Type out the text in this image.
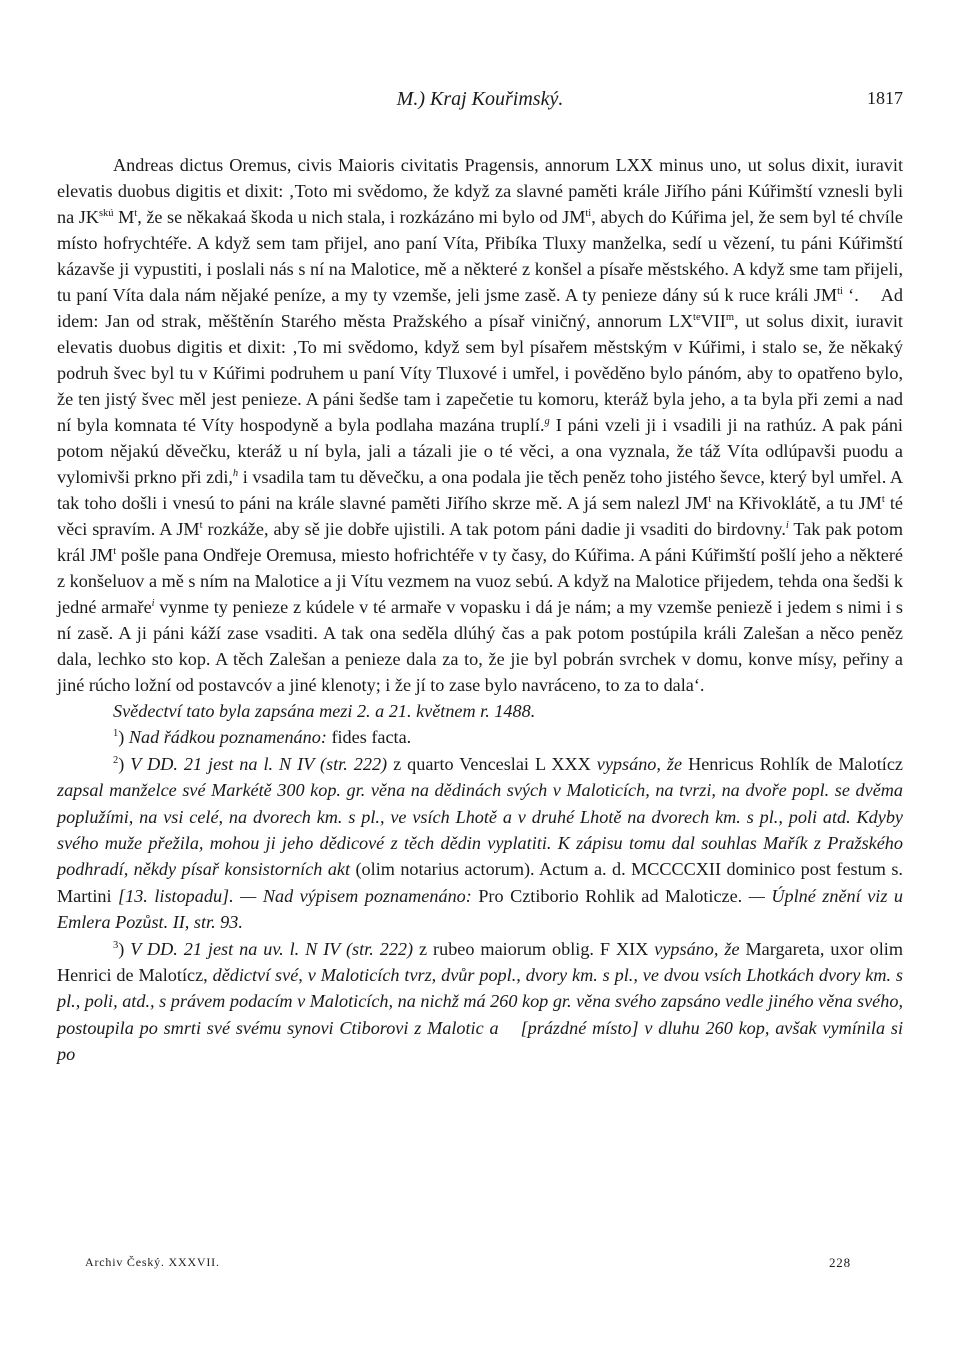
M.) Kraj Kouřimský.	1817

Andreas dictus Oremus, civis Maioris civitatis Pragensis, annorum LXX minus uno, ut solus dixit, iuravit elevatis duobus digitis et dixit: ‚Toto mi svědomo, že když za slavné paměti krále Jiřího páni Kúřimští vznesli byli na $JK^{skú}$ $M^t$, že se někakaá škoda u nich stala, i rozkázáno mi bylo od $JM^{ti}$, abych do Kúřima jel, že sem byl té chvíle místo hofrychtéře. A když sem tam přijel, ano paní Víta, Přibíka Tluxy manželka, sedí u vězení, tu páni Kúřimští kázavše ji vypustiti, i poslali nás s ní na Malotice, mě a některé z konšel a písaře městského. A když sme tam přijeli, tu paní Víta dala nám nějaké peníze, a my ty vzemše, jeli jsme zasě. A ty penieze dány sú k ruce králi $JM^{ti}$ ‘. Ad idem: Jan od strak, měštěnín Starého města Pražského a písař viničný, annorum $LX^{te}VII^m$, ut solus dixit, iuravit elevatis duobus digitis et dixit: ‚To mi svědomo, když sem byl písařem městským v Kúřimi, i stalo se, že někaký podruh švec byl tu v Kúřimi podruhem u paní Víty Tluxové i umřel, i pověděno bylo pánóm, aby to opatřeno bylo, že ten jistý švec měl jest penieze. A páni šedše tam i zapečetie tu komoru, kteráž byla jeho, a ta byla při zemi a nad ní byla komnata té Víty hospodyně a byla podlaha mazána truplí.$^g$ I páni vzeli ji i vsadili ji na rathúz. A pak páni potom nějakú děvečku, kteráž u ní byla, jali a tázali jie o té věci, a ona vyznala, že táž Víta odlúpavši puodu a vylomivši prkno při zdi,$^h$ i vsadila tam tu děvečku, a ona podala jie těch peněz toho jistého ševce, který byl umřel. A tak toho došli i vnesú to páni na krále slavné paměti Jiřího skrze mě. A já sem nalezl $JM^t$ na Křivoklátě, a tu $JM^t$ té věci spravím. A $JM^t$ rozkáže, aby sě jie dobře ujistili. A tak potom páni dadie ji vsaditi do birdovny.$^i$ Tak pak potom král $JM^t$ pošle pana Ondřeje Oremusa, miesto hofrichtéře v ty časy, do Kúřima. A páni Kúřimští pošlí jeho a některé z konšeluov a mě s ním na Malotice a ji Vítu vezmem na vuoz sebú. A když na Malotice přijedem, tehda ona šedši k jedné armaře$^i$ vynme ty penieze z kúdele v té armaře v vopasku i dá je nám; a my vzemše peniezě i jedem s nimi i s ní zasě. A ji páni káží zase vsaditi. A tak ona seděla dlúhý čas a pak potom postúpila králi Zalešan a něco peněz dala, lechko sto kop. A těch Zalešan a penieze dala za to, že jie byl pobrán svrchek v domu, konve mísy, peřiny a jiné rúcho ložní od postavcóv a jiné klenoty; i že jí to zase bylo navráceno, to za to dala‘.

Svědectví tato byla zapsána mezi 2. a 21. květnem r. 1488.

$^1$) Nad řádkou poznamenáno: fides facta.

$^2$) V DD. 21 jest na l. N IV (str. 222) z quarto Venceslai L XXX vypsáno, že Henricus Rohlík de Malotícz zapsal manželce své Markétě 300 kop. gr. věna na dědinách svých v Maloticích, na tvrzi, na dvoře popl. se dvěma poplužími, na vsi celé, na dvorech km. s pl., ve vsích Lhotě a v druhé Lhotě na dvorech km. s pl., poli atd. Kdyby svého muže přežila, mohou ji jeho dědicové z těch dědin vyplatiti. K zápisu tomu dal souhlas Mařík z Pražského podhradí, někdy písař konsistorních akt (olim notarius actorum). Actum a. d. MCCCCXII dominico post festum s. Martini [13. listopadu]. — Nad výpisem poznamenáno: Pro Cztiborio Rohlik ad Maloticze. — Úplné znění viz u Emlera Pozůst. II, str. 93.

$^3$) V DD. 21 jest na uv. l. N IV (str. 222) z rubeo maiorum oblig. F XIX vypsáno, že Margareta, uxor olim Henrici de Malotícz, dědictví své, v Maloticích tvrz, dvůr popl., dvory km. s pl., ve dvou vsích Lhotkách dvory km. s pl., poli, atd., s právem podacím v Maloticích, na nichž má 260 kop gr. věna svého zapsáno vedle jiného věna svého, postoupila po smrti své svému synovi Ctiborovi z Malotic a [prázdné místo] v dluhu 260 kop, avšak vymínila si po

Archiv Český. XXXVII.	228
